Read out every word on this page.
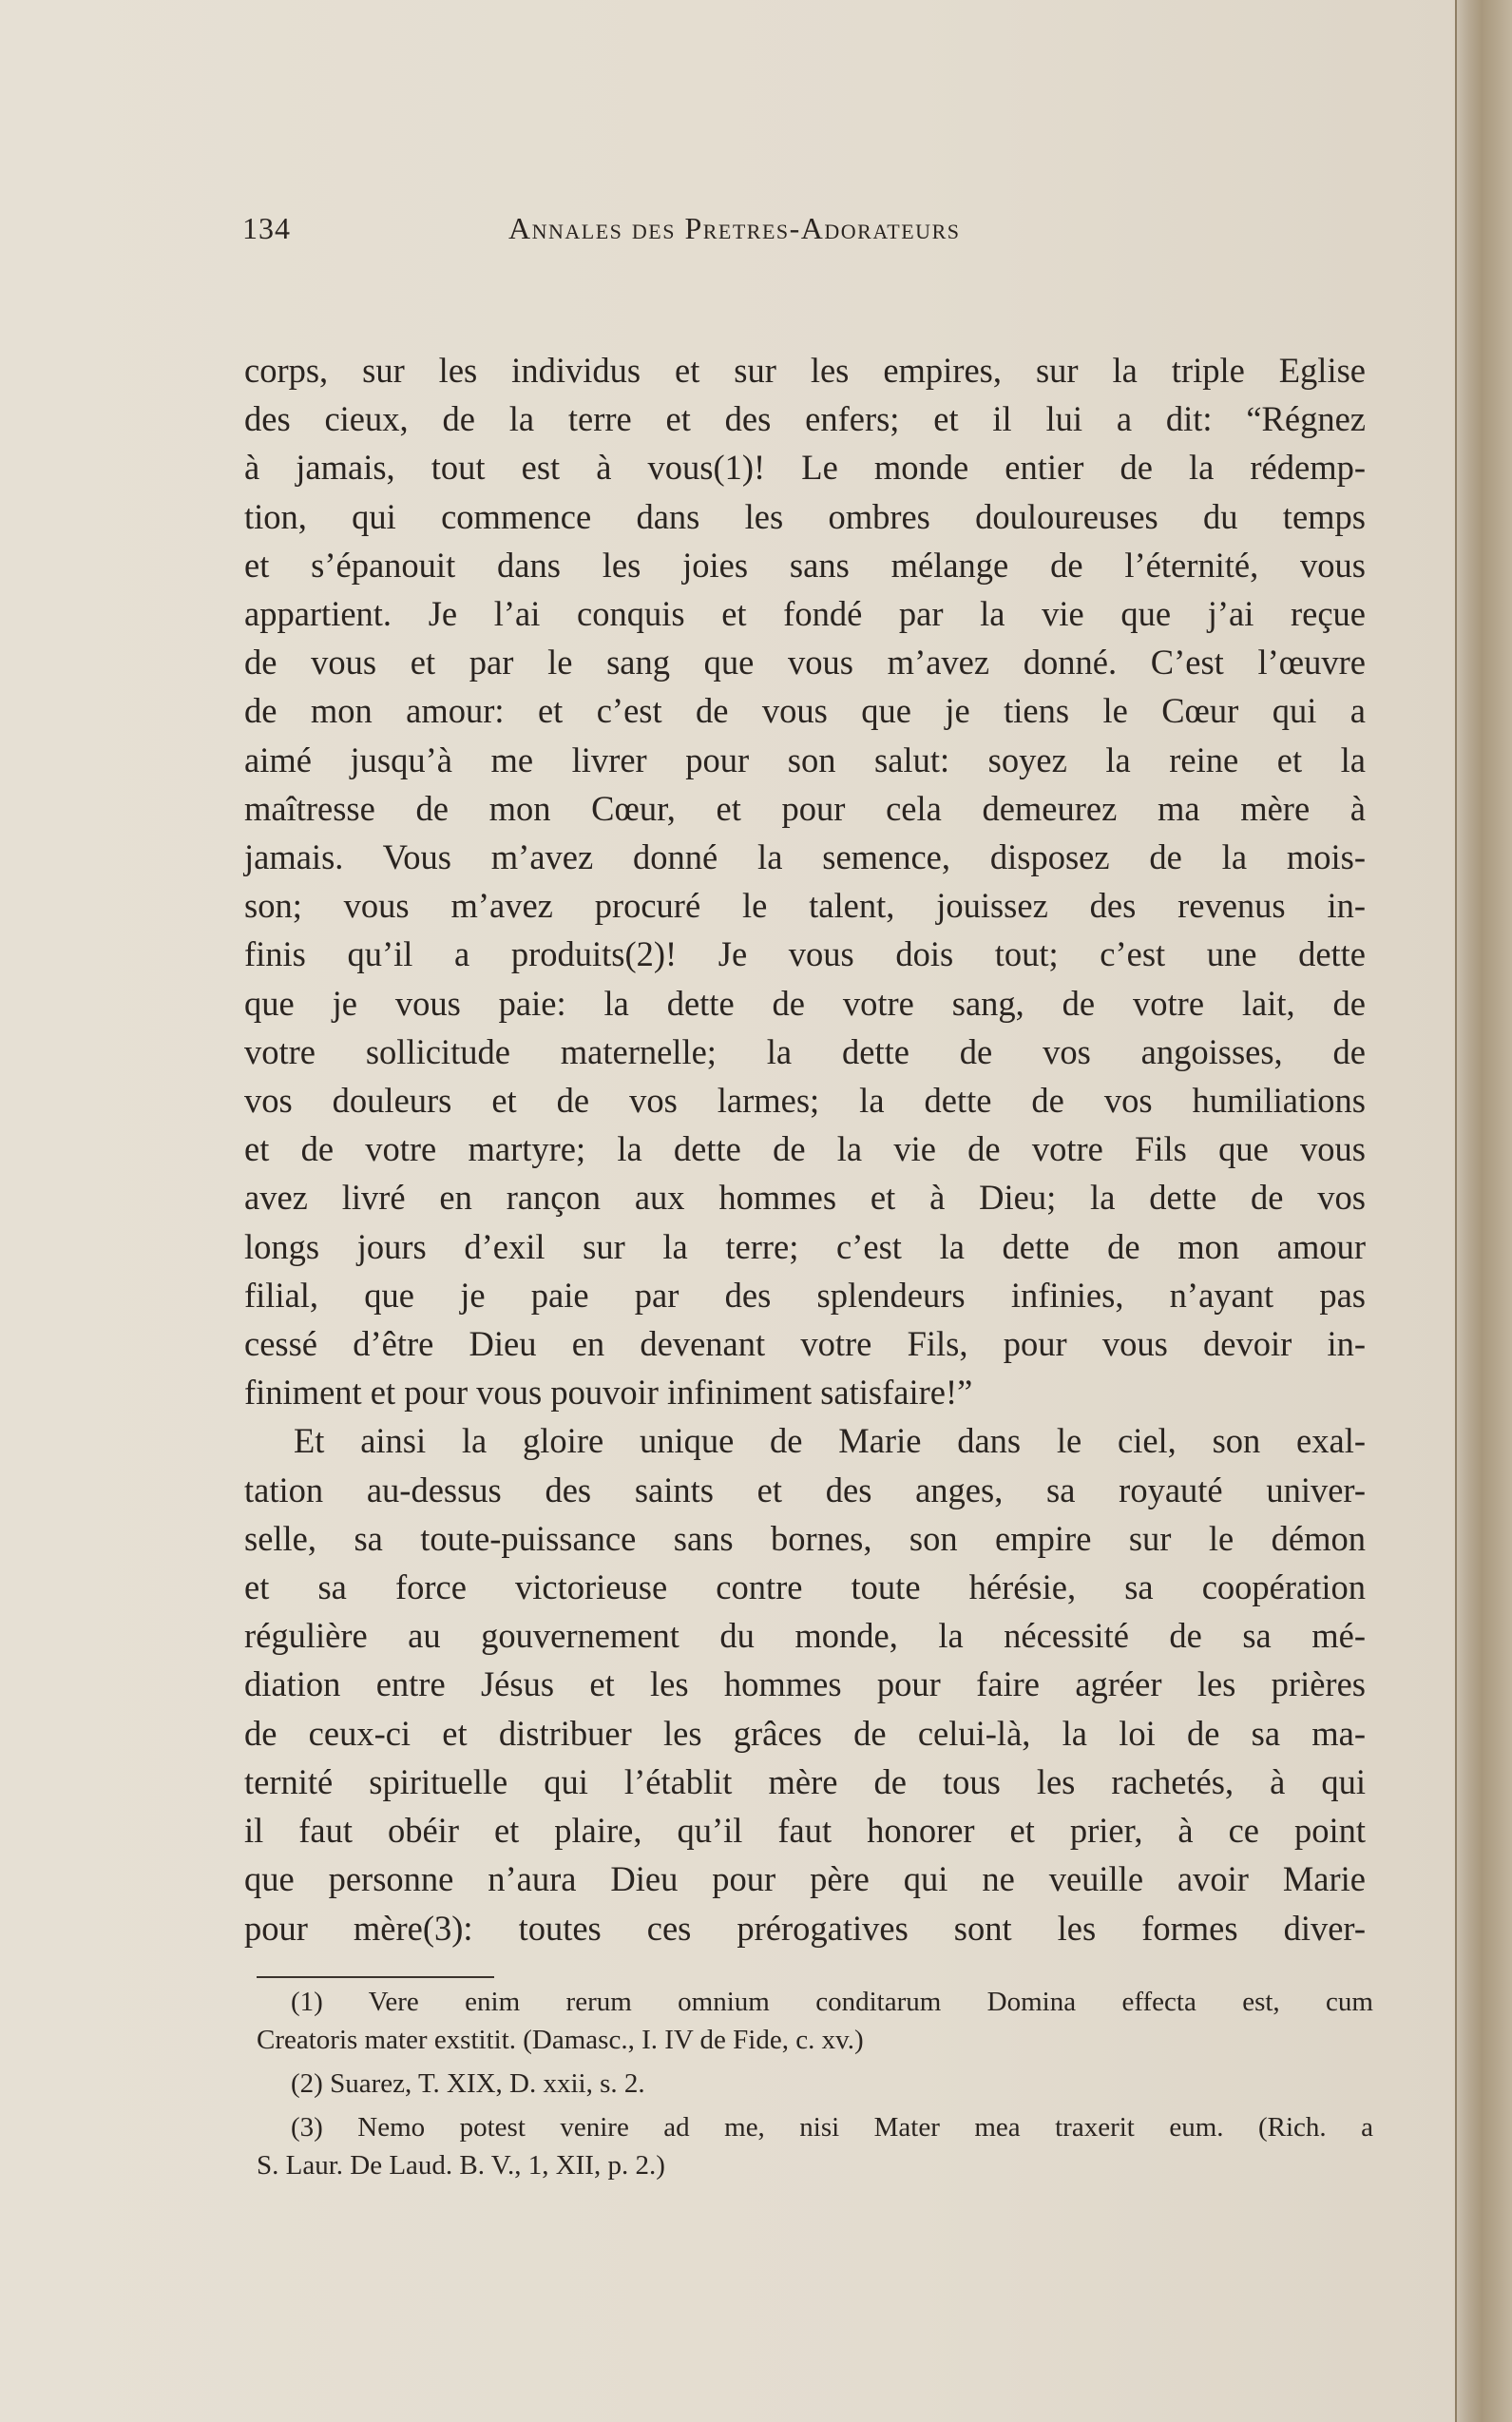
134	Annales des Pretres-Adorateurs
corps, sur les individus et sur les empires, sur la triple Eglise
des cieux, de la terre et des enfers; et il lui a dit: “Régnez
à jamais, tout est à vous(1)! Le monde entier de la rédemp-
tion, qui commence dans les ombres douloureuses du temps
et s’épanouit dans les joies sans mélange de l’éternité, vous
appartient. Je l’ai conquis et fondé par la vie que j’ai reçue
de vous et par le sang que vous m’avez donné. C’est l’œuvre
de mon amour: et c’est de vous que je tiens le Cœur qui a
aimé jusqu’à me livrer pour son salut: soyez la reine et la
maîtresse de mon Cœur, et pour cela demeurez ma mère à
jamais. Vous m’avez donné la semence, disposez de la mois-
son; vous m’avez procuré le talent, jouissez des revenus in-
finis qu’il a produits(2)! Je vous dois tout; c’est une dette
que je vous paie: la dette de votre sang, de votre lait, de
votre sollicitude maternelle; la dette de vos angoisses, de
vos douleurs et de vos larmes; la dette de vos humiliations
et de votre martyre; la dette de la vie de votre Fils que vous
avez livré en rançon aux hommes et à Dieu; la dette de vos
longs jours d’exil sur la terre; c’est la dette de mon amour
filial, que je paie par des splendeurs infinies, n’ayant pas
cessé d’être Dieu en devenant votre Fils, pour vous devoir in-
finiment et pour vous pouvoir infiniment satisfaire!”
Et ainsi la gloire unique de Marie dans le ciel, son exal-
tation au-dessus des saints et des anges, sa royauté univer-
selle, sa toute-puissance sans bornes, son empire sur le démon
et sa force victorieuse contre toute hérésie, sa coopération
régulière au gouvernement du monde, la nécessité de sa mé-
diation entre Jésus et les hommes pour faire agréer les prières
de ceux-ci et distribuer les grâces de celui-là, la loi de sa ma-
ternité spirituelle qui l’établit mère de tous les rachetés, à qui
il faut obéir et plaire, qu’il faut honorer et prier, à ce point
que personne n’aura Dieu pour père qui ne veuille avoir Marie
pour mère(3): toutes ces prérogatives sont les formes diver-
(1) Vere enim rerum omnium conditarum Domina effecta est, cum
Creatoris mater exstitit. (Damasc., I. IV de Fide, c. xv.)
(2) Suarez, T. XIX, D. xxii, s. 2.
(3) Nemo potest venire ad me, nisi Mater mea traxerit eum. (Rich. a
S. Laur. De Laud. B. V., 1, XII, p. 2.)
